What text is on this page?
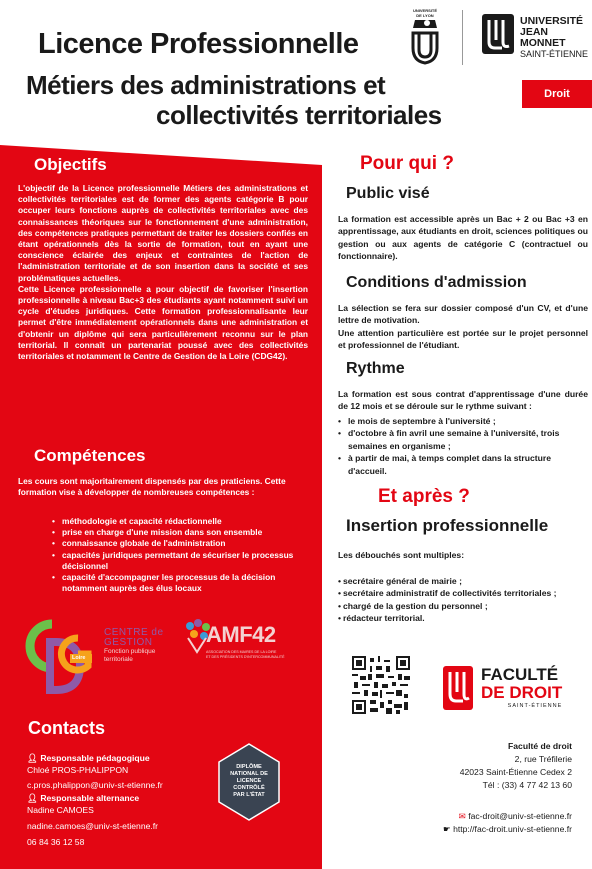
Licence Professionnelle
Métiers des administrations et
collectivités territoriales
UNIVERSITÉ
DE LYON	UNIVERSITÉ
JEAN MONNET
SAINT-ÉTIENNE
Droit
Objectifs

L'objectif de la Licence professionnelle Métiers des administrations et collectivités territoriales est de former des agents catégorie B pour occuper leurs fonctions auprès de collectivités territoriales avec des connaissances théoriques sur le fonctionnement d'une administration, des compétences pratiques permettant de traiter les dossiers confiés en étant opérationnels dès la sortie de formation, tout en ayant une conscience éclairée des enjeux et contraintes de l'action de l'administration territoriale et de son insertion dans la société et ses problématiques actuelles.

Cette Licence professionnelle a pour objectif de favoriser l'insertion professionnelle à niveau Bac+3 des étudiants ayant notamment suivi un cycle d'études juridiques. Cette formation professionnalisante leur permet d'être immédiatement opérationnels dans une administration et d'obtenir un diplôme qui sera particulièrement reconnu sur le plan territorial. Il connaît un partenariat poussé avec des collectivités territoriales et notamment le Centre de Gestion de la Loire (CDG42).

Compétences
Les cours sont majoritairement dispensés par des praticiens. Cette formation vise à développer de nombreuses compétences :
• méthodologie et capacité rédactionnelle
• prise en charge d'une mission dans son ensemble
• connaissance globale de l'administration
• capacités juridiques permettant de sécuriser le processus décisionnel
• capacité d'accompagner les processus de la décision notamment auprès des élus locaux
Loire
CENTRE de
GESTION
Fonction publique
territoriale
AMF42
ASSOCIATION DES MAIRES DE LA LOIRE
ET DES PRÉSIDENTS D'INTERCOMMUNALITÉ
Contacts
👤︎ Responsable pédagogique
Chloé PROS-PHALIPPON
c.pros.phalippon@univ-st-etienne.fr
👤︎ Responsable alternance
Nadine CAMOES
nadine.camoes@univ-st-etienne.fr
06 84 36 12 58
DIPLÔME
NATIONAL DE
LICENCE
CONTRÔLÉ
PAR L'ÉTAT
Pour qui ?
Public visé
La formation est accessible après un Bac + 2 ou Bac +3 en apprentissage, aux étudiants en droit, sciences politiques ou gestion ou aux agents de catégorie C (contractuel ou fonctionnaire).
Conditions d'admission

La sélection se fera sur dossier composé d'un CV, et d'une lettre de motivation.

Une attention particulière est portée sur le projet personnel et professionnel de l'étudiant.

Rythme
La formation est sous contrat d'apprentissage d'une durée de 12 mois et se déroule sur le rythme suivant :
• le mois de septembre à l'université ;
• d'octobre à fin avril une semaine à l'université, trois semaines en organisme ;
• à partir de mai, à temps complet dans la structure d'accueil.
Et après ?
Insertion professionnelle
Les débouchés sont multiples:
• secrétaire général de mairie ;
• secrétaire administratif de collectivités territoriales ;
• chargé de la gestion du personnel ;
• rédacteur territorial.
FACULTÉ
DE DROIT
SAINT-ÉTIENNE
Faculté de droit
2, rue Tréfilerie
42023 Saint-Étienne Cedex 2
Tél : (33) 4 77 42 13 60
✉︎ fac-droit@univ-st-etienne.fr
☛︎ http://fac-droit.univ-st-etienne.fr
